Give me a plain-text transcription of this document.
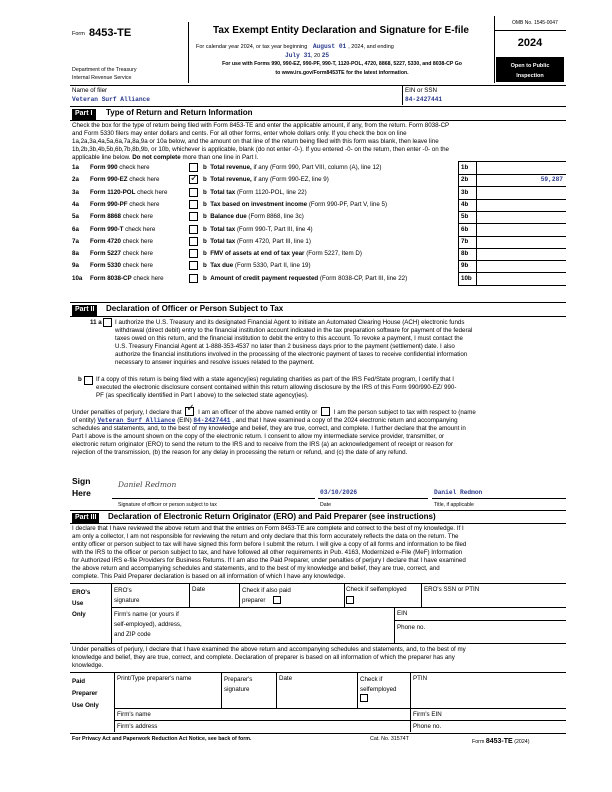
Form 8453-TE
Department of the Treasury
Internal Revenue Service
Tax Exempt Entity Declaration and Signature for E-file
For calendar year 2024, or tax year beginning August 01 , 2024, and ending
July 31, 20 25
For use with Forms 990, 990-EZ, 990-PF, 990-T, 1120-POL, 4720, 8868, 5227, 5330, and 8038-CP Go
to www.irs.gov/Form8453TE for the latest information.
OMB No. 1545-0047
2024
Open to Public
Inspection
Name of filer
Veteran Surf Alliance
EIN or SSN
84-2427441
Part I	Type of Return and Return Information
Check the box for the type of return being filed with Form 8453-TE and enter the applicable amount, if any, from the return. Form 8038-CP
and Form 5330 filers may enter dollars and cents. For all other forms, enter whole dollars only. If you check the box on line
1a,2a,3a,4a,5a,6a,7a,8a,9a or 10a below, and the amount on that line of the return being filed with this form was blank, then leave line
1b,2b,3b,4b,5b,6b,7b,8b,9b, or 10b, whichever is applicable, blank (do not enter -0-). If you entered -0- on the return, then enter -0- on the
applicable line below. Do not complete more than one line in Part I.
1a Form 990 check here	b Total revenue, if any (Form 990, Part VIII, column (A), line 12)	1b
2a Form 990-EZ check here ✓	b Total revenue, if any (Form 990-EZ, line 9)	2b	59,287
3a Form 1120-POL check here	b Total tax (Form 1120-POL, line 22)	3b
4a Form 990-PF check here	b Tax based on investment income (Form 990-PF, Part V, line 5)	4b
5a Form 8868 check here	b Balance due (Form 8868, line 3c)	5b
6a Form 990-T check here	b Total tax (Form 990-T, Part III, line 4)	6b
7a Form 4720 check here	b Total tax (Form 4720, Part III, line 1)	7b
8a Form 5227 check here	b FMV of assets at end of tax year (Form 5227, Item D)	8b
9a Form 5330 check here	b Tax due (Form 5330, Part II, line 19)	9b
10a Form 8038-CP check here	b Amount of credit payment requested (Form 8038-CP, Part III, line 22)	10b
Part II	Declaration of Officer or Person Subject to Tax
11 a I authorize the U.S. Treasury and its designated Financial Agent to initiate an Automated Clearing House (ACH) electronic funds
withdrawal (direct debit) entry to the financial institution account indicated in the tax preparation software for payment of the federal
taxes owed on this return, and the financial institution to debit the entry to this account. To revoke a payment, I must contact the
U.S. Treasury Financial Agent at 1-888-353-4537 no later than 2 business days prior to the payment (settlement) date. I also
authorize the financial institutions involved in the processing of the electronic payment of taxes to receive confidential information
necessary to answer inquiries and resolve issues related to the payment.
b If a copy of this return is being filed with a state agency(ies) regulating charities as part of the IRS Fed/State program, I certify that I
executed the electronic disclosure consent contained within this return allowing disclosure by the IRS of this Form 990/990-EZ/ 990-
PF (as specifically identified in Part I above) to the selected state agency(ies).
Under penalties of perjury, I declare that ✓	I am an officer of the above named entity or	I am the person subject to tax with respect to (name
of entity) Veteran Surf Alliance (EIN) 84-2427441 , and that I have examined a copy of the 2024 electronic return and accompanying
schedules and statements, and, to the best of my knowledge and belief, they are true, correct, and complete. I further declare that the amount in
Part I above is the amount shown on the copy of the electronic return. I consent to allow my intermediate service provider, transmitter, or
electronic return originator (ERO) to send the return to the IRS and to receive from the IRS (a) an acknowledgement of receipt or reason for
rejection of the transmission, (b) the reason for any delay in processing the return or refund, and (c) the date of any refund.
Sign
Here
Daniel Redmon
03/10/2026	Daniel Redmon
Signature of officer or person subject to tax	Date	Title, if applicable
Part III	Declaration of Electronic Return Originator (ERO) and Paid Preparer (see instructions)
I declare that I have reviewed the above return and that the entries on Form 8453-TE are complete and correct to the best of my knowledge. If I
am only a collector, I am not responsible for reviewing the return and only declare that this form accurately reflects the data on the return. The
entity officer or person subject to tax will have signed this form before I submit the return. I will give a copy of all forms and information to be filed
with the IRS to the officer or person subject to tax, and have followed all other requirements in Pub. 4163, Modernized e-File (MeF) Information
for Authorized IRS e-file Providers for Business Returns. If I am also the Paid Preparer, under penalties of perjury I declare that I have examined
the above return and accompanying schedules and statements, and to the best of my knowledge and belief, they are true, correct, and
complete. This Paid Preparer declaration is based on all information of which I have any knowledge.
ERO's
Use
Only
ERO's
signature
Date	Check if also paid
preparer
Check if selfemployed	ERO's SSN or PTIN
Firm's name (or yours if
self-employed), address,
and ZIP code
EIN
Phone no.
Under penalties of perjury, I declare that I have examined the above return and accompanying schedules and statements, and, to the best of my
knowledge and belief, they are true, correct, and complete. Declaration of preparer is based on all information of which the preparer has any
knowledge.
Paid
Preparer
Use Only
Print/Type preparer's name	Preparer's
signature
Date	Check if
selfemployed
PTIN
Firm's name	Firm's EIN
Firm's address	Phone no.
For Privacy Act and Paperwork Reduction Act Notice, see back of form.	Cat. No. 31574T	Form 8453-TE (2024)
